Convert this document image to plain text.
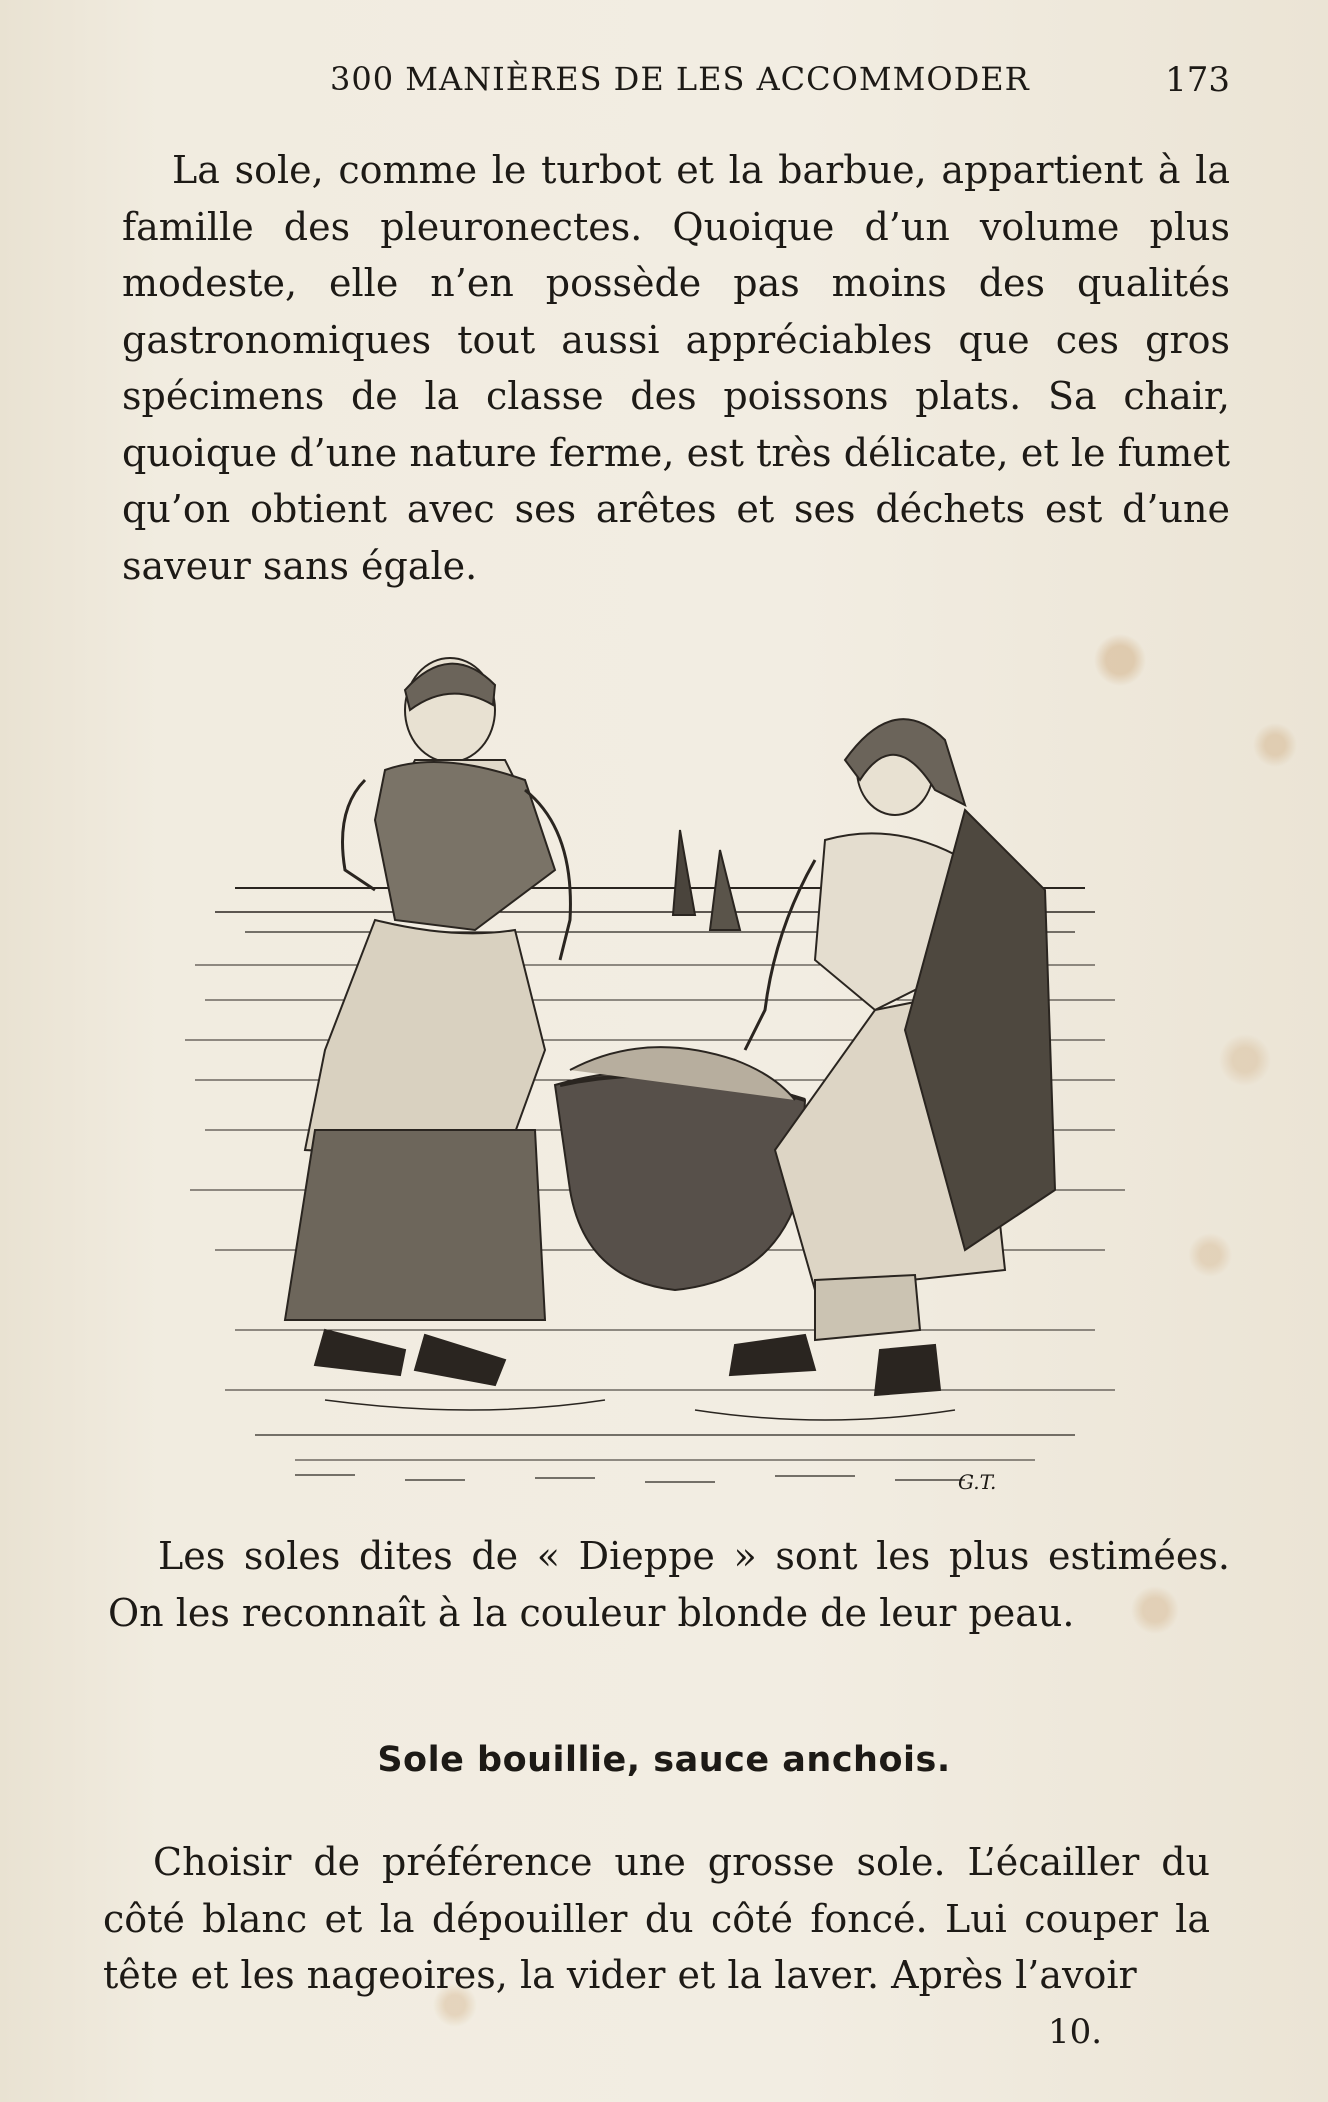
300 MANIÈRES DE LES ACCOMMODER	173

La sole, comme le turbot et la barbue, appartient à la famille des pleuronectes. Quoique d’un volume plus modeste, elle n’en possède pas moins des qualités gastronomiques tout aussi appréciables que ces gros spécimens de la classe des poissons plats. Sa chair, quoique d’une nature ferme, est très délicate, et le fumet qu’on obtient avec ses arêtes et ses déchets est d’une saveur sans égale.

G.T.

Les soles dites de « Dieppe » sont les plus estimées. On les reconnaît à la couleur blonde de leur peau.

Sole bouillie, sauce anchois.

Choisir de préférence une grosse sole. L’écailler du côté blanc et la dépouiller du côté foncé. Lui couper la tête et les nageoires, la vider et la laver. Après l’avoir

10.
